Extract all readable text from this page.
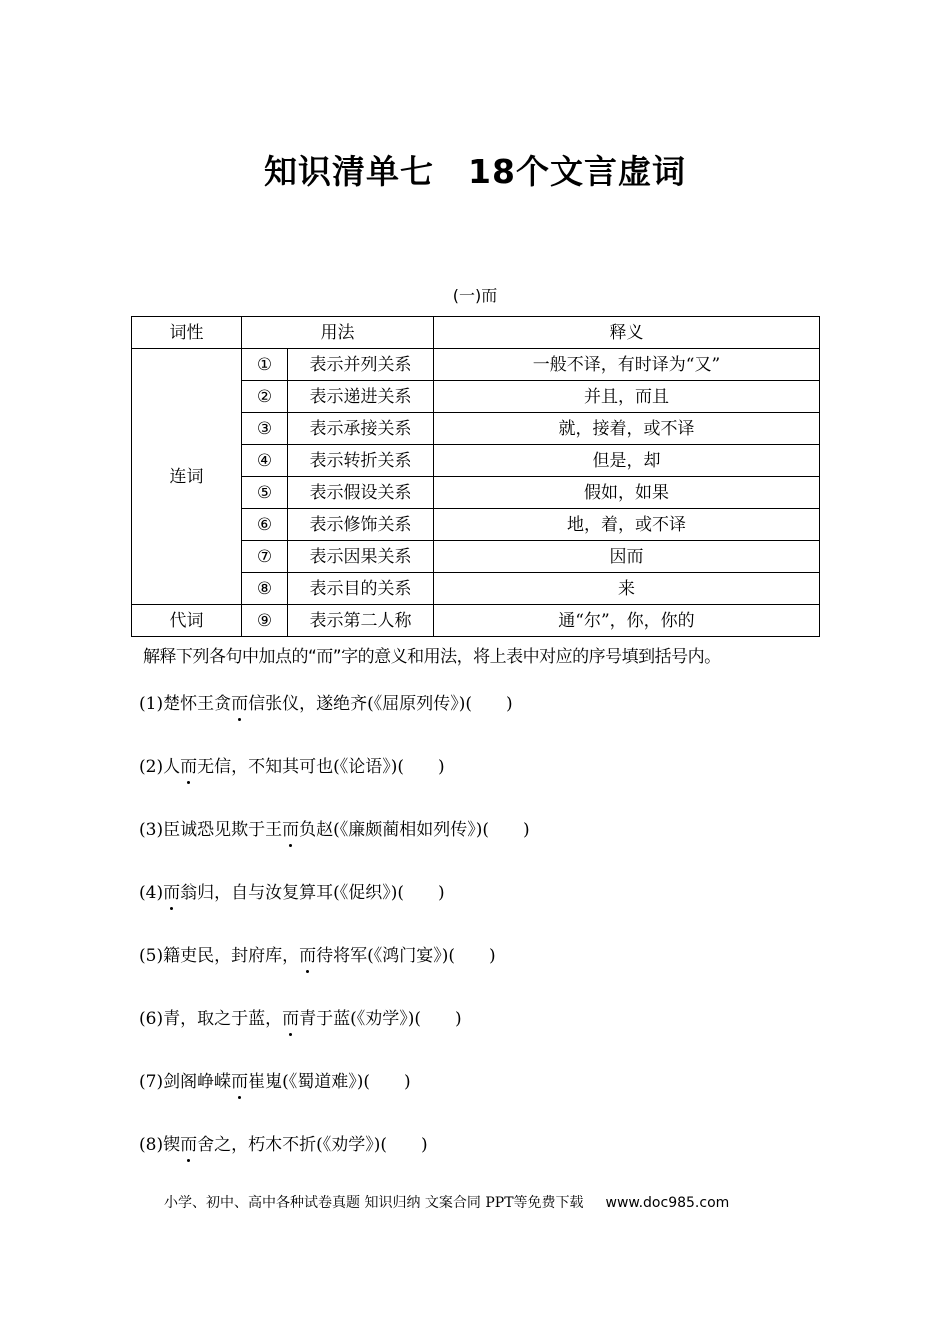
知识清单七　18个文言虚词
(一)而
词性	用法		释义
连词	①	表示并列关系	一般不译，有时译为“又”
	②	表示递进关系	并且，而且
	③	表示承接关系	就，接着，或不译
	④	表示转折关系	但是，却
	⑤	表示假设关系	假如，如果
	⑥	表示修饰关系	地，着，或不译
	⑦	表示因果关系	因而
	⑧	表示目的关系	来
代词	⑨	表示第二人称	通“尔”，你，你的
解释下列各句中加点的“而”字的意义和用法，将上表中对应的序号填到括号内。
(1)楚怀王贪而信张仪，遂绝齐(《屈原列传》)(　　)
(2)人而无信，不知其可也(《论语》)(　　)
(3)臣诚恐见欺于王而负赵(《廉颇蔺相如列传》)(　　)
(4)而翁归，自与汝复算耳(《促织》)(　　)
(5)籍吏民，封府库，而待将军(《鸿门宴》)(　　)
(6)青，取之于蓝，而青于蓝(《劝学》)(　　)
(7)剑阁峥嵘而崔嵬(《蜀道难》)(　　)
(8)锲而舍之，朽木不折(《劝学》)(　　)
小学、初中、高中各种试卷真题 知识归纳 文案合同 PPT等免费下载 www.doc985.com
